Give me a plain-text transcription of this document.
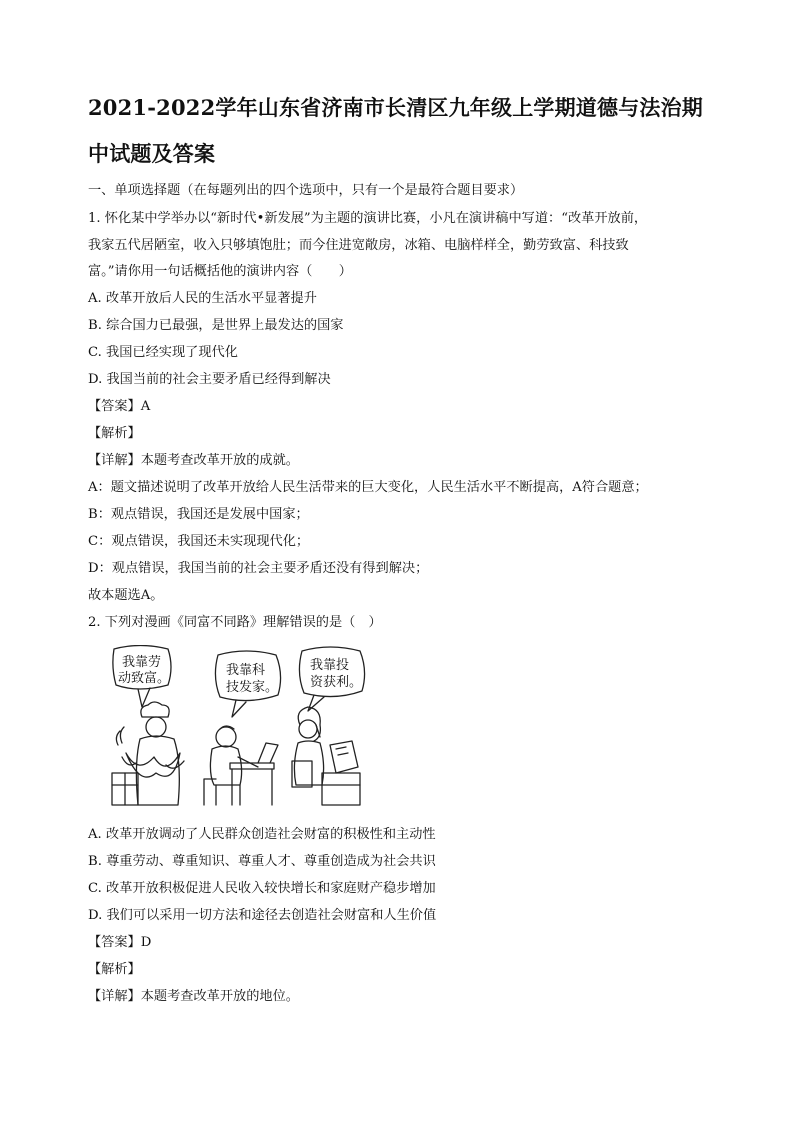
2021-2022学年山东省济南市长清区九年级上学期道德与法治期
中试题及答案
一、单项选择题（在每题列出的四个选项中，只有一个是最符合题目要求）
1. 怀化某中学举办以“新时代•新发展”为主题的演讲比赛，小凡在演讲稿中写道：“改革开放前，
我家五代居陋室，收入只够填饱肚；而今住进宽敞房，冰箱、电脑样样全，勤劳致富、科技致
富。”请你用一句话概括他的演讲内容（　　）
A. 改革开放后人民的生活水平显著提升
B. 综合国力已最强，是世界上最发达的国家
C. 我国已经实现了现代化
D. 我国当前的社会主要矛盾已经得到解决
【答案】A
【解析】
【详解】本题考查改革开放的成就。
A：题文描述说明了改革开放给人民生活带来的巨大变化，人民生活水平不断提高，A符合题意；
B：观点错误，我国还是发展中国家；
C：观点错误，我国还未实现现代化；
D：观点错误，我国当前的社会主要矛盾还没有得到解决；
故本题选A。
2. 下列对漫画《同富不同路》理解错误的是（　）
我靠劳
动致富。
我靠科
技发家。
我靠投
资获利。
A. 改革开放调动了人民群众创造社会财富的积极性和主动性
B. 尊重劳动、尊重知识、尊重人才、尊重创造成为社会共识
C. 改革开放积极促进人民收入较快增长和家庭财产稳步增加
D. 我们可以采用一切方法和途径去创造社会财富和人生价值
【答案】D
【解析】
【详解】本题考查改革开放的地位。
